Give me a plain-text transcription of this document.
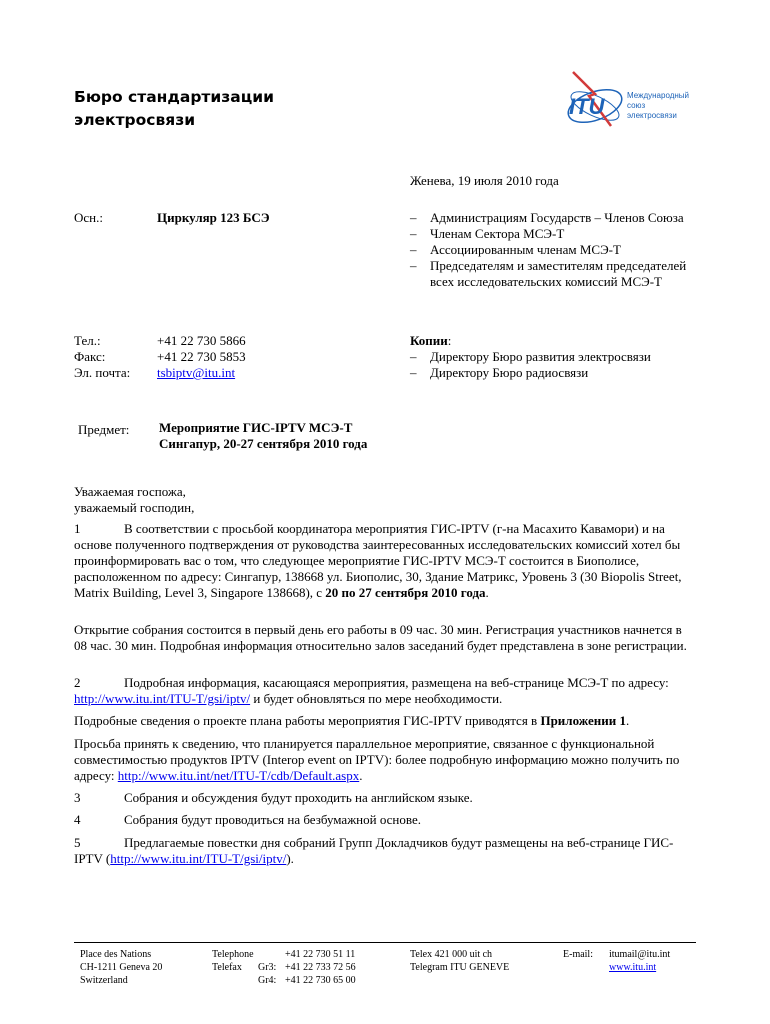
Бюро стандартизации
электросвязи
ITU	Международный
союз
электросвязи
Женева, 19 июля 2010 года
Осн.:	Циркуляр 123 БСЭ
–	Администрациям Государств – Членов Союза
– Членам Сектора МСЭ-Т
– Ассоциированным членам МСЭ-Т
– Председателям и заместителям председателей всех исследовательских комиссий МСЭ-Т
Тел.:
Факс:
Эл. почта:
+41 22 730 5866
+41 22 730 5853
tsbiptv@itu.int
Копии:
– Директору Бюро развития электросвязи
– Директору Бюро радиосвязи
Предмет: Мероприятие ГИС-IPTV МСЭ-Т
Сингапур, 20-27 сентября 2010 года
Уважаемая госпожа,
уважаемый господин,

1	В соответствии с просьбой координатора мероприятия ГИС-IPTV (г-на Масахито Кавамори) и на основе полученного подтверждения от руководства заинтересованных исследовательских комиссий хотел бы проинформировать вас о том, что следующее мероприятие ГИС-IPTV МСЭ-Т состоится в Биополисе, расположенном по адресу: Сингапур, 138668 ул. Биополис, 30, Здание Матрикс, Уровень 3 (30 Biopolis Street, Matrix Building, Level 3, Singapore 138668), с 20 по 27 сентября 2010 года.

Открытие собрания состоится в первый день его работы в 09 час. 30 мин. Регистрация участников начнется в 08 час. 30 мин. Подробная информация относительно залов заседаний будет представлена в зоне регистрации.

2	Подробная информация, касающаяся мероприятия, размещена на веб-странице МСЭ-Т по адресу: http://www.itu.int/ITU-T/gsi/iptv/ и будет обновляться по мере необходимости.

Подробные сведения о проекте плана работы мероприятия ГИС-IPTV приводятся в Приложении 1.

Просьба принять к сведению, что планируется параллельное мероприятие, связанное с функциональной совместимостью продуктов IPTV (Interop event on IPTV): более подробную информацию можно получить по адресу: http://www.itu.int/net/ITU-T/cdb/Default.aspx.

3	Собрания и обсуждения будут проходить на английском языке.

4	Собрания будут проводиться на безбумажной основе.

5	Предлагаемые повестки дня собраний Групп Докладчиков будут размещены на веб-странице ГИС-IPTV (http://www.itu.int/ITU-T/gsi/iptv/).

Place des Nations
CH-1211 Geneva 20
Switzerland
Telephone	+41 22 730 51 11
Telefax Gr3: +41 22 733 72 56
Gr4: +41 22 730 65 00
Telex 421 000 uit ch
Telegram ITU GENEVE
E-mail: itumail@itu.int
www.itu.int
